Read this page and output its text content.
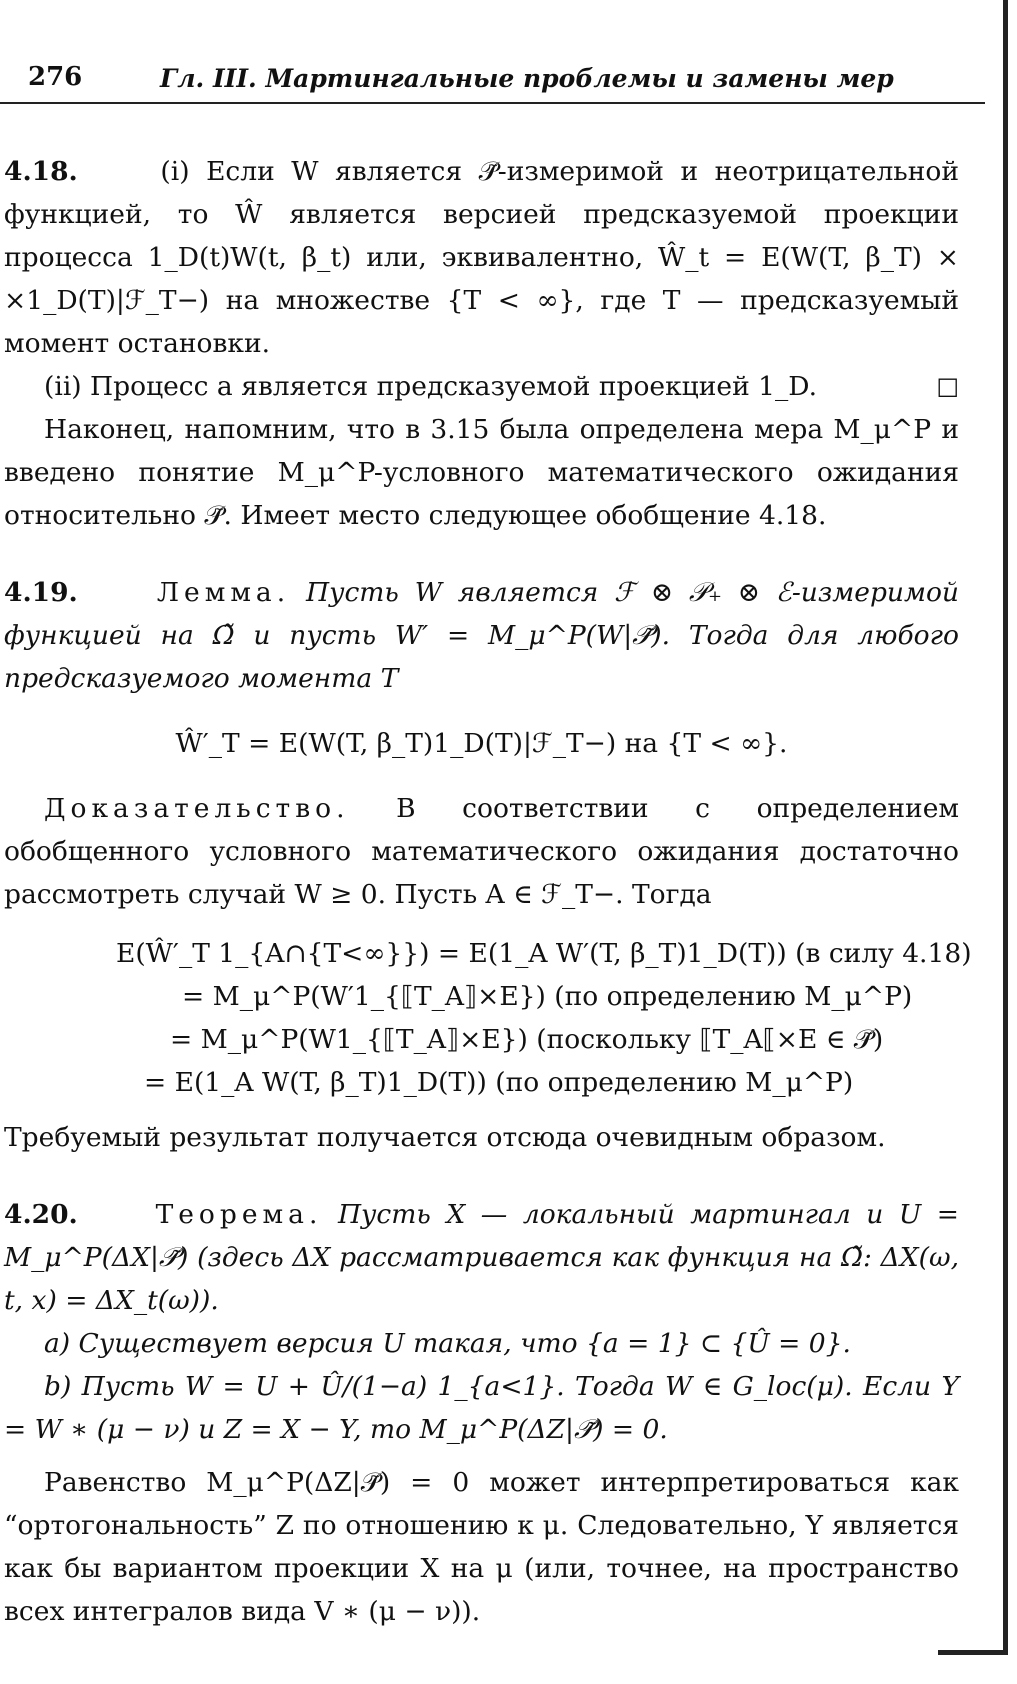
276	Гл. III. Мартингальные проблемы и замены мер

4.18.	(i) Если W является 𝒫̃-измеримой и неотрицательной функцией, то Ŵ является версией предсказуемой проекции процесса 1_D(t)W(t, β_t) или, эквивалентно, Ŵ_t = E(W(T, β_T) × ×1_D(T)|ℱ_T−) на множестве {T < ∞}, где T — предсказуемый момент остановки.

(ii) Процесс a является предсказуемой проекцией 1_D.	□

Наконец, напомним, что в 3.15 была определена мера M_μ^P и введено понятие M_μ^P-условного математического ожидания относительно 𝒫̃. Имеет место следующее обобщение 4.18.

4.19.	Лемма. Пусть W является ℱ ⊗ 𝒫₊ ⊗ ℰ-измеримой функцией на Ω̃ и пусть W′ = M_μ^P(W|𝒫̃). Тогда для любого предсказуемого момента T

Ŵ′_T = E(W(T, β_T)1_D(T)|ℱ_T−) на {T < ∞}.

Доказательство. В соответствии с определением обобщенного условного математического ожидания достаточно рассмотреть случай W ≥ 0. Пусть A ∈ ℱ_T−. Тогда

E(Ŵ′_T 1_{A∩{T<∞}}) = E(1_A W′(T, β_T)1_D(T)) (в силу 4.18)
= M_μ^P(W′1_{⟦T_A⟧×E}) (по определению M_μ^P)
= M_μ^P(W1_{⟦T_A⟧×E}) (поскольку ⟦T_A⟦×E ∈ 𝒫̃)
= E(1_A W(T, β_T)1_D(T)) (по определению M_μ^P)

Требуемый результат получается отсюда очевидным образом.

4.20.	Теорема. Пусть X — локальный мартингал и U = M_μ^P(ΔX|𝒫̃) (здесь ΔX рассматривается как функция на Ω̃: ΔX(ω, t, x) = ΔX_t(ω)).

a) Существует версия U такая, что {a = 1} ⊂ {Û = 0}.

b) Пусть W = U + Û/(1−a) 1_{a<1}. Тогда W ∈ G_loc(μ). Если Y = W ∗ (μ − ν) и Z = X − Y, то M_μ^P(ΔZ|𝒫̃) = 0.

Равенство M_μ^P(ΔZ|𝒫̃) = 0 может интерпретироваться как “ортогональность” Z по отношению к μ. Следовательно, Y является как бы вариантом проекции X на μ (или, точнее, на пространство всех интегралов вида V ∗ (μ − ν)).
